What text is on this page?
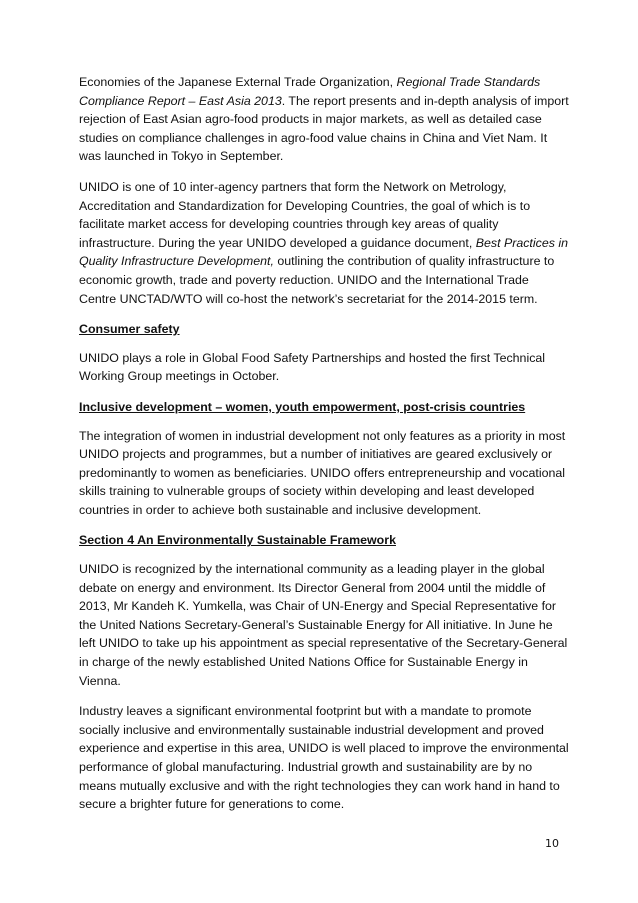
Economies of the Japanese External Trade Organization, Regional Trade Standards Compliance Report – East Asia 2013. The report presents and in-depth analysis of import rejection of East Asian agro-food products in major markets, as well as detailed case studies on compliance challenges in agro-food value chains in China and Viet Nam. It was launched in Tokyo in September.

UNIDO is one of 10 inter-agency partners that form the Network on Metrology, Accreditation and Standardization for Developing Countries, the goal of which is to facilitate market access for developing countries through key areas of quality infrastructure. During the year UNIDO developed a guidance document, Best Practices in Quality Infrastructure Development, outlining the contribution of quality infrastructure to economic growth, trade and poverty reduction. UNIDO and the International Trade Centre UNCTAD/WTO will co-host the network’s secretariat for the 2014-2015 term.

Consumer safety

UNIDO plays a role in Global Food Safety Partnerships and hosted the first Technical Working Group meetings in October.

Inclusive development – women, youth empowerment, post-crisis countries

The integration of women in industrial development not only features as a priority in most UNIDO projects and programmes, but a number of initiatives are geared exclusively or predominantly to women as beneficiaries. UNIDO offers entrepreneurship and vocational skills training to vulnerable groups of society within developing and least developed countries in order to achieve both sustainable and inclusive development.

Section 4 An Environmentally Sustainable Framework

UNIDO is recognized by the international community as a leading player in the global debate on energy and environment. Its Director General from 2004 until the middle of 2013, Mr Kandeh K. Yumkella, was Chair of UN-Energy and Special Representative for the United Nations Secretary-General’s Sustainable Energy for All initiative. In June he left UNIDO to take up his appointment as special representative of the Secretary-General in charge of the newly established United Nations Office for Sustainable Energy in Vienna.

Industry leaves a significant environmental footprint but with a mandate to promote socially inclusive and environmentally sustainable industrial development and proved experience and expertise in this area, UNIDO is well placed to improve the environmental performance of global manufacturing. Industrial growth and sustainability are by no means mutually exclusive and with the right technologies they can work hand in hand to secure a brighter future for generations to come.

10
